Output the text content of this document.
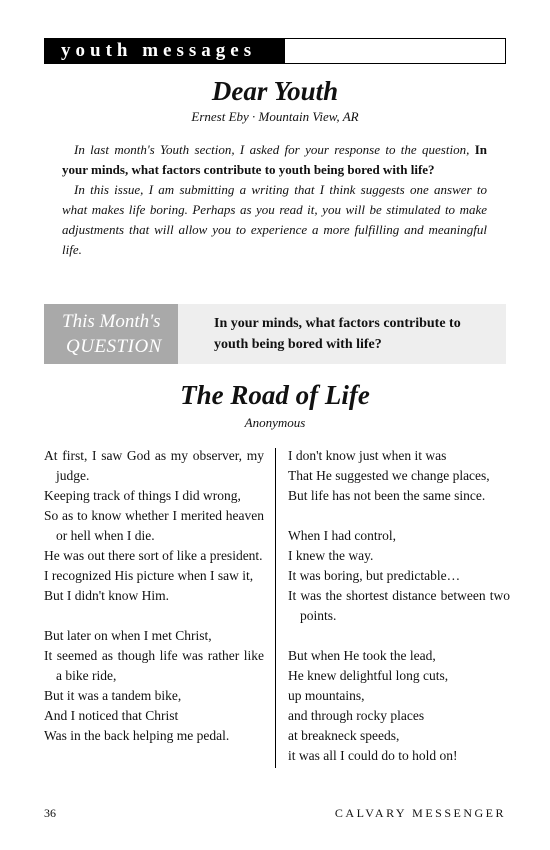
youth messages
Dear Youth
Ernest Eby · Mountain View, AR

In last month's Youth section, I asked for your response to the question, In your minds, what factors contribute to youth being bored with life?

In this issue, I am submitting a writing that I think suggests one answer to what makes life boring. Perhaps as you read it, you will be stimulated to make adjustments that will allow you to experience a more fulfilling and meaningful life.

This Month's
QUESTION
In your minds, what factors contribute to youth being bored with life?
The Road of Life
Anonymous
At first, I saw God as my observer, my judge.
Keeping track of things I did wrong,
So as to know whether I merited heaven or hell when I die.
He was out there sort of like a president.
I recognized His picture when I saw it,
But I didn't know Him.
But later on when I met Christ,
It seemed as though life was rather like a bike ride,
But it was a tandem bike,
And I noticed that Christ
Was in the back helping me pedal.
I don't know just when it was
That He suggested we change places,
But life has not been the same since.
When I had control,
I knew the way.
It was boring, but predictable…
It was the shortest distance between two points.
But when He took the lead,
He knew delightful long cuts,
up mountains,
and through rocky places
at breakneck speeds,
it was all I could do to hold on!
36	CALVARY MESSENGER
